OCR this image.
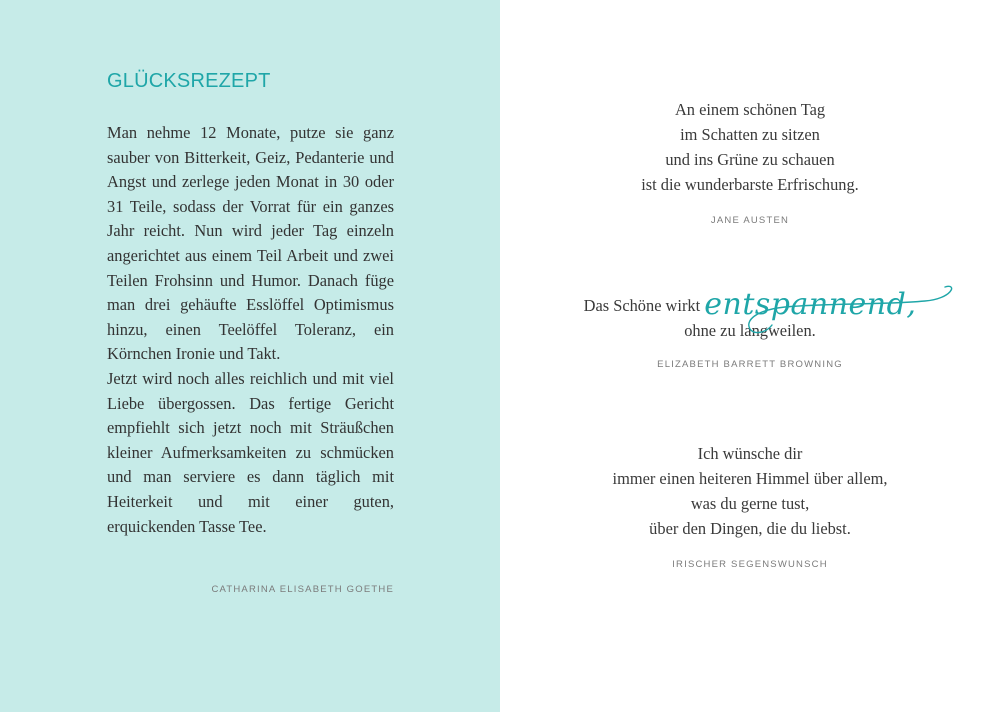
GLÜCKSREZEPT

Man nehme 12 Monate, putze sie ganz sauber von Bitterkeit, Geiz, Pedanterie und Angst und zerlege jeden Monat in 30 oder 31 Teile, sodass der Vorrat für ein ganzes Jahr reicht. Nun wird jeder Tag einzeln angerichtet aus einem Teil Arbeit und zwei Teilen Frohsinn und Humor. Danach füge man drei gehäufte Esslöffel Optimismus hinzu, einen Teelöffel Toleranz, ein Körnchen Ironie und Takt.

Jetzt wird noch alles reichlich und mit viel Liebe übergossen. Das fertige Gericht empfiehlt sich jetzt noch mit Sträußchen kleiner Aufmerksamkeiten zu schmücken und man serviere es dann täglich mit Heiterkeit und mit einer guten, erquickenden Tasse Tee.

CATHARINA ELISABETH GOETHE
An einem schönen Tag
im Schatten zu sitzen
und ins Grüne zu schauen
ist die wunderbarste Erfrischung.
JANE AUSTEN
Das Schöne wirkt entspannend,
ohne zu langweilen.
ELIZABETH BARRETT BROWNING
Ich wünsche dir
immer einen heiteren Himmel über allem,
was du gerne tust,
über den Dingen, die du liebst.
IRISCHER SEGENSWUNSCH
